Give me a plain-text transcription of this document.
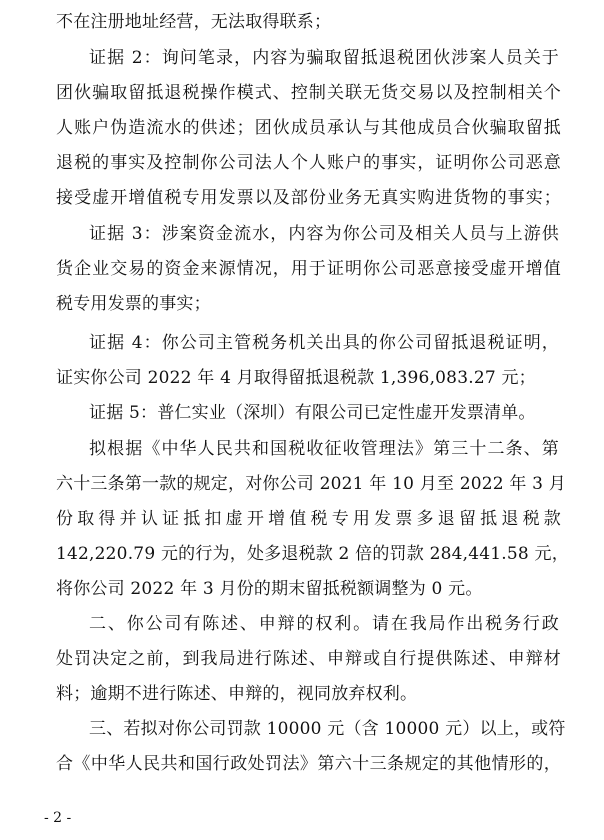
不在注册地址经营，无法取得联系；
证据 2：询问笔录，内容为骗取留抵退税团伙涉案人员关于
团伙骗取留抵退税操作模式、控制关联无货交易以及控制相关个
人账户伪造流水的供述；团伙成员承认与其他成员合伙骗取留抵
退税的事实及控制你公司法人个人账户的事实，证明你公司恶意
接受虚开增值税专用发票以及部份业务无真实购进货物的事实；
证据 3：涉案资金流水，内容为你公司及相关人员与上游供
货企业交易的资金来源情况，用于证明你公司恶意接受虚开增值
税专用发票的事实；
证据 4：你公司主管税务机关出具的你公司留抵退税证明，
证实你公司 2022 年 4 月取得留抵退税款 1,396,083.27 元；
证据 5：普仁实业（深圳）有限公司已定性虚开发票清单。
拟根据《中华人民共和国税收征收管理法》第三十二条、第
六十三条第一款的规定，对你公司 2021 年 10 月至 2022 年 3 月
份取得并认证抵扣虚开增值税专用发票多退留抵退税款
142,220.79 元的行为，处多退税款 2 倍的罚款 284,441.58 元，
将你公司 2022 年 3 月份的期末留抵税额调整为 0 元。
二、你公司有陈述、申辩的权利。请在我局作出税务行政
处罚决定之前，到我局进行陈述、申辩或自行提供陈述、申辩材
料；逾期不进行陈述、申辩的，视同放弃权利。
三、若拟对你公司罚款 10000 元（含 10000 元）以上，或符
合《中华人民共和国行政处罚法》第六十三条规定的其他情形的，
- 2 -
